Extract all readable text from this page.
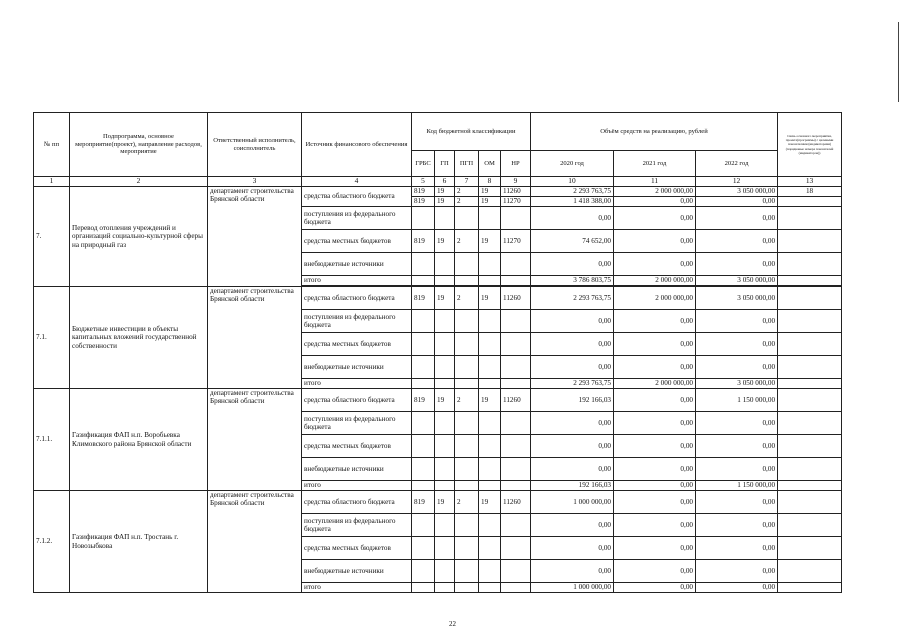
№ пп	Подпрограмма, основное мероприятие(проект), направление расходов, мероприятие	Ответственный исполнитель, соисполнитель	Источник финансового обеспечения	Код бюджетной классификации					Объём средств на реализацию, рублей			Связь основного мероприятия, проекта(программы) с целевыми показателями (индикаторами) (порядковые номера показателей (индикаторов))
				ГРБС	ГП	ПГП	ОМ	НР	2020 год	2021 год	2022 год	
1	2	3	4	5	6	7	8	9	10	11	12	13
7.	Перевод отопления учреждений и организаций социально-культурной сферы на природный газ	департамент строительства Брянской области	средства областного бюджета	819	19	2	19	11260	2 293 763,75	2 000 000,00	3 050 000,00	18
				819	19	2	19	11270	1 418 388,00	0,00	0,00	
			поступления из федерального бюджета						0,00	0,00	0,00	
			средства местных бюджетов	819	19	2	19	11270	74 652,00	0,00	0,00	
			внебюджетные источники						0,00	0,00	0,00	
			итого						3 786 803,75	2 000 000,00	3 050 000,00	

7.1.	Бюджетные инвестиции в объекты капитальных вложений государственной собственности	департамент строительства Брянской области	средства областного бюджета	819	19	2	19	11260	2 293 763,75	2 000 000,00	3 050 000,00	
			поступления из федерального бюджета						0,00	0,00	0,00	
			средства местных бюджетов						0,00	0,00	0,00	
			внебюджетные источники						0,00	0,00	0,00	
			итого						2 293 763,75	2 000 000,00	3 050 000,00	
7.1.1.	Газификация ФАП н.п. Воробьевка Климовского района Брянской области	департамент строительства Брянской области	средства областного бюджета	819	19	2	19	11260	192 166,03	0,00	1 150 000,00	
			поступления из федерального бюджета						0,00	0,00	0,00	
			средства местных бюджетов						0,00	0,00	0,00	
			внебюджетные источники						0,00	0,00	0,00	
			итого						192 166,03	0,00	1 150 000,00	
7.1.2.	Газификация ФАП н.п. Тростань г. Новозыбкова	департамент строительства Брянской области	средства областного бюджета	819	19	2	19	11260	1 000 000,00	0,00	0,00	
			поступления из федерального бюджета						0,00	0,00	0,00	
			средства местных бюджетов						0,00	0,00	0,00	
			внебюджетные источники						0,00	0,00	0,00	
			итого						1 000 000,00	0,00	0,00	
22
